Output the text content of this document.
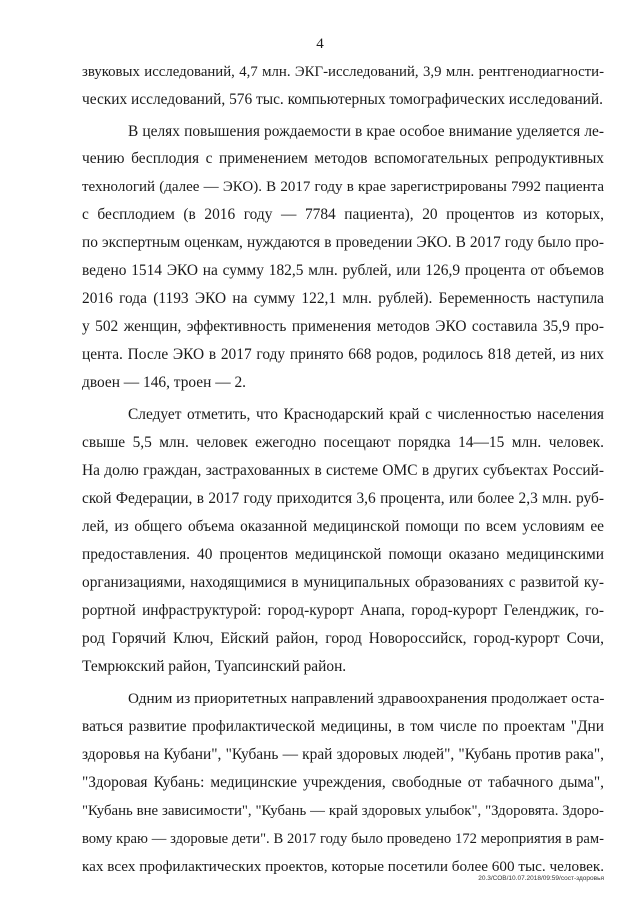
4
звуковых исследований, 4,7 млн. ЭКГ-исследований, 3,9 млн. рентгенодиагности-
ческих исследований, 576 тыс. компьютерных томографических исследований.
В целях повышения рождаемости в крае особое внимание уделяется ле-
чению бесплодия с применением методов вспомогательных репродуктивных
технологий (далее — ЭКО). В 2017 году в крае зарегистрированы 7992 пациента
с бесплодием (в 2016 году — 7784 пациента), 20 процентов из которых,
по экспертным оценкам, нуждаются в проведении ЭКО. В 2017 году было про-
ведено 1514 ЭКО на сумму 182,5 млн. рублей, или 126,9 процента от объемов
2016 года (1193 ЭКО на сумму 122,1 млн. рублей). Беременность наступила
у 502 женщин, эффективность применения методов ЭКО составила 35,9 про-
цента. После ЭКО в 2017 году принято 668 родов, родилось 818 детей, из них
двоен — 146, троен — 2.
Следует отметить, что Краснодарский край с численностью населения
свыше 5,5 млн. человек ежегодно посещают порядка 14—15 млн. человек.
На долю граждан, застрахованных в системе ОМС в других субъектах Россий-
ской Федерации, в 2017 году приходится 3,6 процента, или более 2,3 млн. руб-
лей, из общего объема оказанной медицинской помощи по всем условиям ее
предоставления. 40 процентов медицинской помощи оказано медицинскими
организациями, находящимися в муниципальных образованиях с развитой ку-
рортной инфраструктурой: город-курорт Анапа, город-курорт Геленджик, го-
род Горячий Ключ, Ейский район, город Новороссийск, город-курорт Сочи,
Темрюкский район, Туапсинский район.
Одним из приоритетных направлений здравоохранения продолжает оста-
ваться развитие профилактической медицины, в том числе по проектам "Дни
здоровья на Кубани", "Кубань — край здоровых людей", "Кубань против рака",
"Здоровая Кубань: медицинские учреждения, свободные от табачного дыма",
"Кубань вне зависимости", "Кубань — край здоровых улыбок", "Здоровята. Здоро-
вому краю — здоровые дети". В 2017 году было проведено 172 мероприятия в рам-
ках всех профилактических проектов, которые посетили более 600 тыс. человек.
20.3/СОВ/10.07.2018/09:59/сост-здоровья
